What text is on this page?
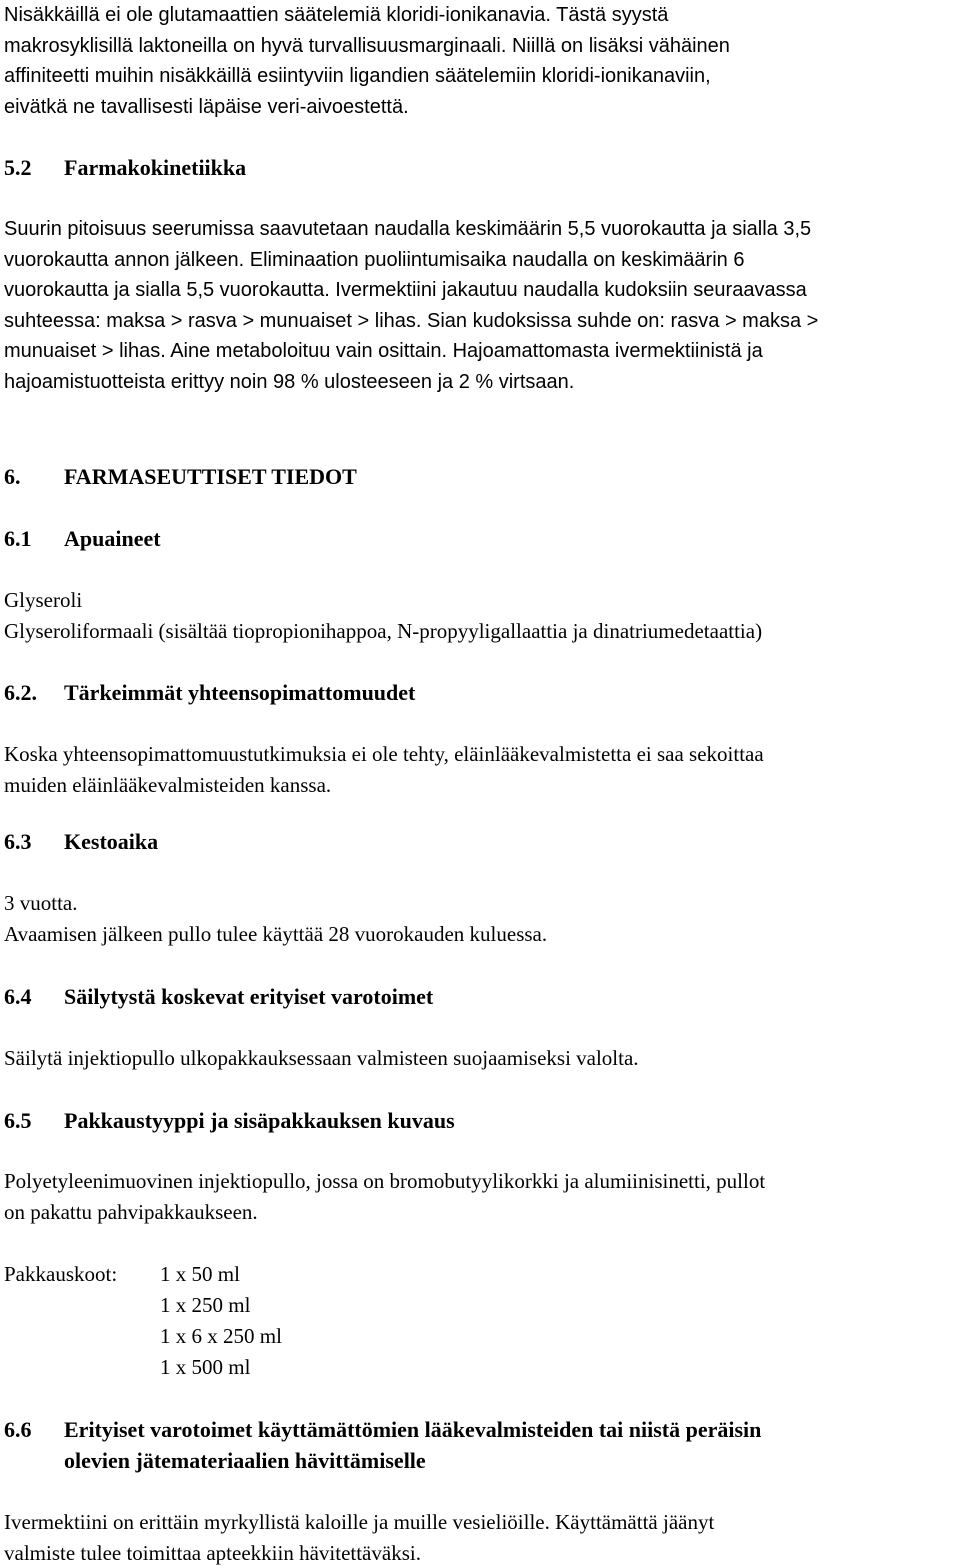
Nisäkkäillä ei ole glutamaattien säätelemiä kloridi-ionikanavia. Tästä syystä
makrosyklisillä laktoneilla on hyvä turvallisuusmarginaali. Niillä on lisäksi vähäinen
affiniteetti muihin nisäkkäillä esiintyviin ligandien säätelemiin kloridi-ionikanaviin,
eivätkä ne tavallisesti läpäise veri-aivoestettä.
5.2 Farmakokinetiikka
Suurin pitoisuus seerumissa saavutetaan naudalla keskimäärin 5,5 vuorokautta ja sialla 3,5
vuorokautta annon jälkeen. Eliminaation puoliintumisaika naudalla on keskimäärin 6
vuorokautta ja sialla 5,5 vuorokautta. Ivermektiini jakautuu naudalla kudoksiin seuraavassa
suhteessa: maksa > rasva > munuaiset > lihas. Sian kudoksissa suhde on: rasva > maksa >
munuaiset > lihas. Aine metaboloituu vain osittain. Hajoamattomasta ivermektiinistä ja
hajoamistuotteista erittyy noin 98 % ulosteeseen ja 2 % virtsaan.
6. FARMASEUTTISET TIEDOT
6.1 Apuaineet
Glyseroli
Glyseroliformaali (sisältää tiopropionihappoa, N-propyyligallaattia ja dinatriumedetaattia)
6.2. Tärkeimmät yhteensopimattomuudet
Koska yhteensopimattomuustutkimuksia ei ole tehty, eläinlääkevalmistetta ei saa sekoittaa
muiden eläinlääkevalmisteiden kanssa.
6.3 Kestoaika
3 vuotta.
Avaamisen jälkeen pullo tulee käyttää 28 vuorokauden kuluessa.
6.4 Säilytystä koskevat erityiset varotoimet
Säilytä injektiopullo ulkopakkauksessaan valmisteen suojaamiseksi valolta.
6.5 Pakkaustyyppi ja sisäpakkauksen kuvaus
Polyetyleenimuovinen injektiopullo, jossa on bromobutyylikorkki ja alumiinisinetti, pullot
on pakattu pahvipakkaukseen.
Pakkauskoot: 1 x 50 ml
1 x 250 ml
1 x 6 x 250 ml
1 x 500 ml
6.6 Erityiset varotoimet käyttämättömien lääkevalmisteiden tai niistä peräisin
olevien jätemateriaalien hävittämiselle
Ivermektiini on erittäin myrkyllistä kaloille ja muille vesieliöille. Käyttämättä jäänyt
valmiste tulee toimittaa apteekkiin hävitettäväksi.
